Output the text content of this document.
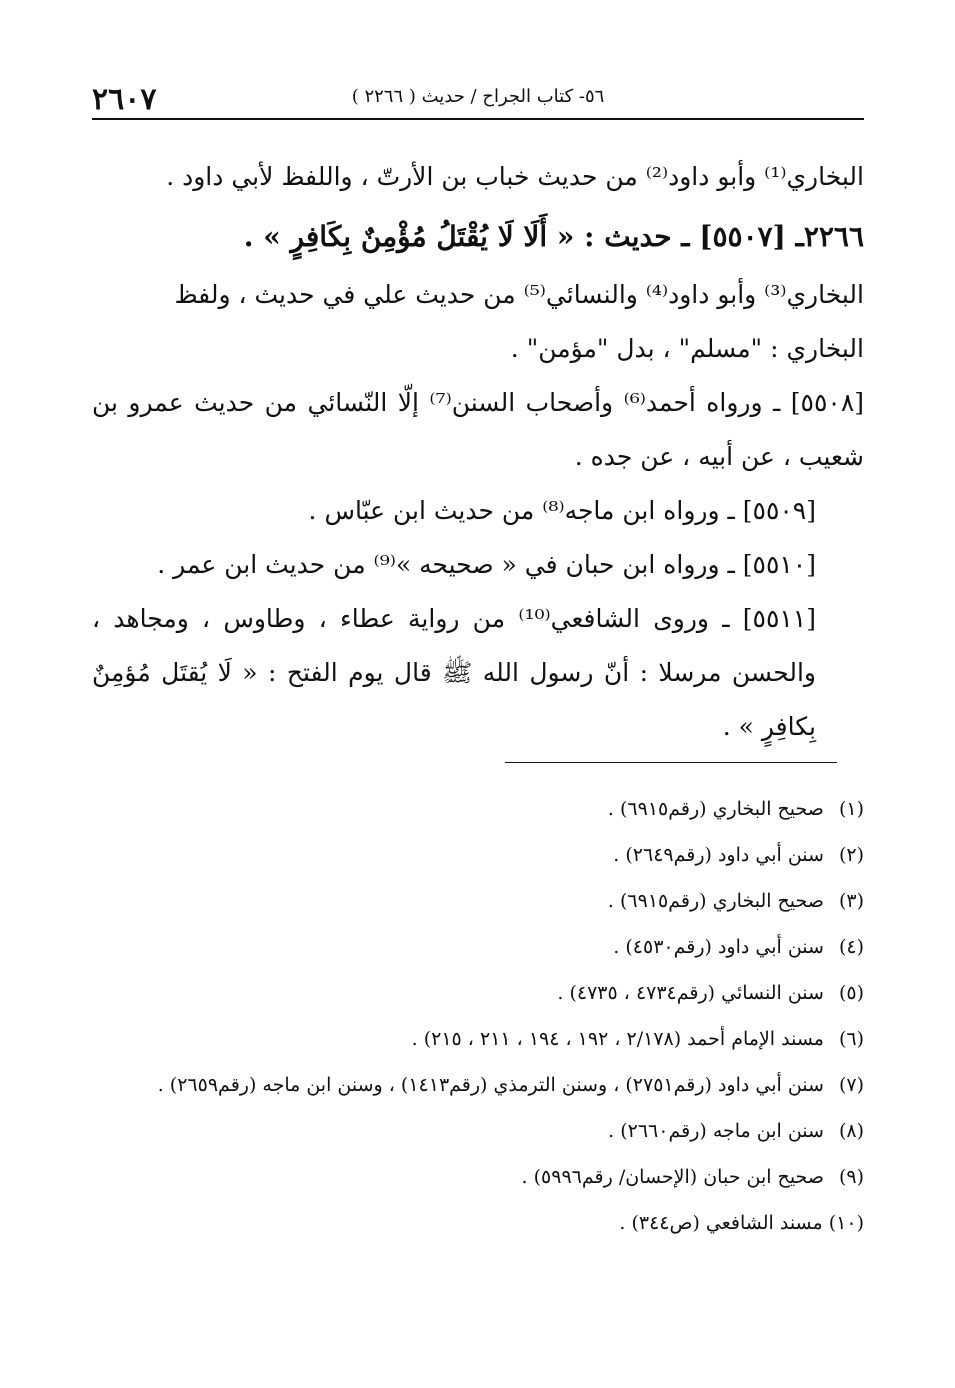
٥٦- كتاب الجراح / حديث ( ٢٢٦٦ )
٢٦٠٧

البخاري⁽¹⁾ وأبو داود⁽²⁾ من حديث خباب بن الأرتّ ، واللفظ لأبي داود .

٢٢٦٦ـ [٥٥٠٧] ـ حديث : « أَلَا لَا يُقْتَلُ مُؤْمِنٌ بِكَافِرٍ » .

البخاري⁽³⁾ وأبو داود⁽⁴⁾ والنسائي⁽⁵⁾ من حديث علي في حديث ، ولفظ

البخاري : "مسلم" ، بدل "مؤمن" .

[٥٥٠٨] ـ ورواه أحمد⁽⁶⁾ وأصحاب السنن⁽⁷⁾ إلّا النّسائي من حديث عمرو بن شعيب ، عن أبيه ، عن جده .

[٥٥٠٩] ـ ورواه ابن ماجه⁽⁸⁾ من حديث ابن عبّاس .

[٥٥١٠] ـ ورواه ابن حبان في « صحيحه »⁽⁹⁾ من حديث ابن عمر .

[٥٥١١] ـ وروى الشافعي⁽¹⁰⁾ من رواية عطاء ، وطاوس ، ومجاهد ، والحسن مرسلا : أنّ رسول الله ﷺ قال يوم الفتح : « لَا يُقتَل مُؤمِنٌ بِكافِرٍ » .

(١) صحيح البخاري (رقم٦٩١٥) .
(٢) سنن أبي داود (رقم٢٦٤٩) .
(٣) صحيح البخاري (رقم٦٩١٥) .
(٤) سنن أبي داود (رقم٤٥٣٠) .
(٥) سنن النسائي (رقم٤٧٣٤ ، ٤٧٣٥) .
(٦) مسند الإمام أحمد (٢/١٧٨ ، ١٩٢ ، ١٩٤ ، ٢١١ ، ٢١٥) .
(٧) سنن أبي داود (رقم٢٧٥١) ، وسنن الترمذي (رقم١٤١٣) ، وسنن ابن ماجه (رقم٢٦٥٩) .
(٨) سنن ابن ماجه (رقم٢٦٦٠) .
(٩) صحيح ابن حبان (الإحسان/ رقم٥٩٩٦) .
(١٠) مسند الشافعي (ص٣٤٤) .
